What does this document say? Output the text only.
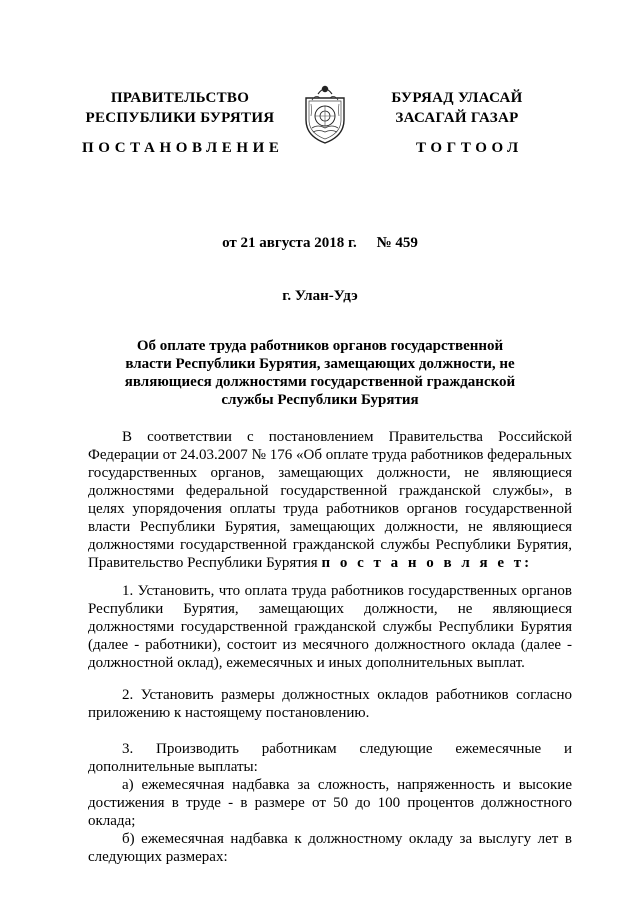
ПРАВИТЕЛЬСТВО
РЕСПУБЛИКИ БУРЯТИЯ
БУРЯАД УЛАСАЙ
ЗАСАГАЙ ГАЗАР
ПОСТАНОВЛЕНИЕ	ТОГТООЛ
от 21 августа 2018 г. № 459
г. Улан-Удэ
Об оплате труда работников органов государственной власти Республики Бурятия, замещающих должности, не являющиеся должностями государственной гражданской службы Республики Бурятия

В соответствии с постановлением Правительства Российской Федерации от 24.03.2007 № 176 «Об оплате труда работников федеральных государственных органов, замещающих должности, не являющиеся должностями федеральной государственной гражданской службы», в целях упорядочения оплаты труда работников органов государственной власти Республики Бурятия, замещающих должности, не являющиеся должностями государственной гражданской службы Республики Бурятия, Правительство Республики Бурятия п о с т а н о в л я е т:

1. Установить, что оплата труда работников государственных органов Республики Бурятия, замещающих должности, не являющиеся должностями государственной гражданской службы Республики Бурятия (далее - работники), состоит из месячного должностного оклада (далее - должностной оклад), ежемесячных и иных дополнительных выплат.

2. Установить размеры должностных окладов работников согласно приложению к настоящему постановлению.

3. Производить работникам следующие ежемесячные и дополнительные выплаты:

а) ежемесячная надбавка за сложность, напряженность и высокие достижения в труде - в размере от 50 до 100 процентов должностного оклада;

б) ежемесячная надбавка к должностному окладу за выслугу лет в следующих размерах:
